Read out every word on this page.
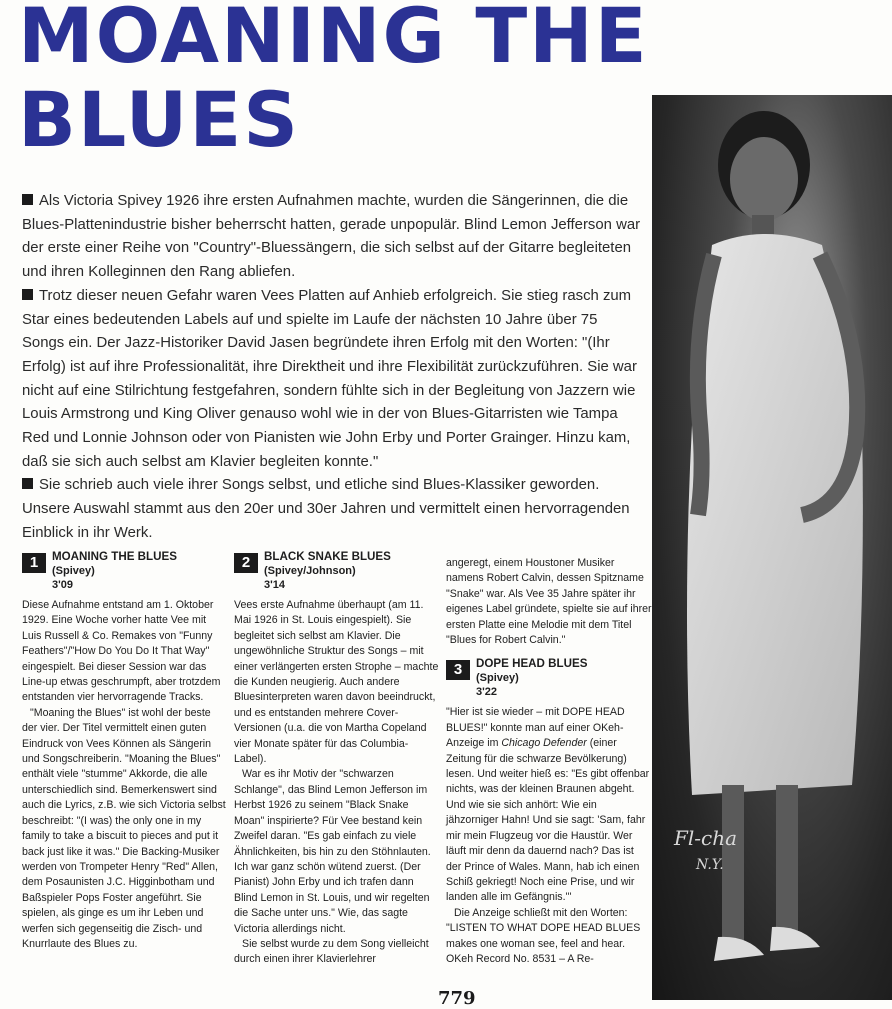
MOANING THE
BLUES
Fl-cha
N.Y.

Als Victoria Spivey 1926 ihre ersten Aufnahmen machte, wurden die Sängerinnen, die die Blues-Plattenindustrie bisher beherrscht hatten, gerade unpopulär. Blind Lemon Jefferson war der erste einer Reihe von "Country"-Bluessängern, die sich selbst auf der Gitarre begleiteten und ihren Kolleginnen den Rang abliefen.

Trotz dieser neuen Gefahr waren Vees Platten auf Anhieb erfolgreich. Sie stieg rasch zum Star eines bedeutenden Labels auf und spielte im Laufe der nächsten 10 Jahre über 75 Songs ein. Der Jazz-Historiker David Jasen begründete ihren Erfolg mit den Worten: "(Ihr Erfolg) ist auf ihre Professionalität, ihre Direktheit und ihre Flexibilität zurückzuführen. Sie war nicht auf eine Stilrichtung festgefahren, sondern fühlte sich in der Begleitung von Jazzern wie Louis Armstrong und King Oliver genauso wohl wie in der von Blues-Gitarristen wie Tampa Red und Lonnie Johnson oder von Pianisten wie John Erby und Porter Grainger. Hinzu kam, daß sie sich auch selbst am Klavier begleiten konnte."

Sie schrieb auch viele ihrer Songs selbst, und etliche sind Blues-Klassiker geworden. Unsere Auswahl stammt aus den 20er und 30er Jahren und vermittelt einen hervorragenden Einblick in ihr Werk.

1	MOANING THE BLUES
(Spivey)
3'09

Diese Aufnahme entstand am 1. Oktober 1929. Eine Woche vorher hatte Vee mit Luis Russell & Co. Remakes von "Funny Feathers"/"How Do You Do It That Way" eingespielt. Bei dieser Session war das Line-up etwas geschrumpft, aber trotzdem entstanden vier hervorragende Tracks.

"Moaning the Blues" ist wohl der beste der vier. Der Titel vermittelt einen guten Eindruck von Vees Können als Sängerin und Songschreiberin. "Moaning the Blues" enthält viele "stumme" Akkorde, die alle unterschiedlich sind. Bemerkenswert sind auch die Lyrics, z.B. wie sich Victoria selbst beschreibt: "(I was) the only one in my family to take a biscuit to pieces and put it back just like it was." Die Backing-Musiker werden von Trompeter Henry "Red" Allen, dem Posaunisten J.C. Higginbotham und Baßspieler Pops Foster angeführt. Sie spielen, als ginge es um ihr Leben und werfen sich gegenseitig die Zisch- und Knurrlaute des Blues zu.

2	BLACK SNAKE BLUES
(Spivey/Johnson)
3'14

Vees erste Aufnahme überhaupt (am 11. Mai 1926 in St. Louis eingespielt). Sie begleitet sich selbst am Klavier. Die ungewöhnliche Struktur des Songs – mit einer verlängerten ersten Strophe – machte die Kunden neugierig. Auch andere Bluesinterpreten waren davon beeindruckt, und es entstanden mehrere Cover-Versionen (u.a. die von Martha Copeland vier Monate später für das Columbia-Label).

War es ihr Motiv der "schwarzen Schlange", das Blind Lemon Jefferson im Herbst 1926 zu seinem "Black Snake Moan" inspirierte? Für Vee bestand kein Zweifel daran. "Es gab einfach zu viele Ähnlichkeiten, bis hin zu den Stöhnlauten. Ich war ganz schön wütend zuerst. (Der Pianist) John Erby und ich trafen dann Blind Lemon in St. Louis, und wir regelten die Sache unter uns." Wie, das sagte Victoria allerdings nicht.

Sie selbst wurde zu dem Song vielleicht durch einen ihrer Klavierlehrer

angeregt, einem Houstoner Musiker namens Robert Calvin, dessen Spitzname "Snake" war. Als Vee 35 Jahre später ihr eigenes Label gründete, spielte sie auf ihrer ersten Platte eine Melodie mit dem Titel "Blues for Robert Calvin."

3	DOPE HEAD BLUES
(Spivey)
3'22

"Hier ist sie wieder – mit DOPE HEAD BLUES!" konnte man auf einer OKeh-Anzeige im Chicago Defender (einer Zeitung für die schwarze Bevölkerung) lesen. Und weiter hieß es: "Es gibt offenbar nichts, was der kleinen Braunen abgeht. Und wie sie sich anhört: Wie ein jähzorniger Hahn! Und sie sagt: 'Sam, fahr mir mein Flugzeug vor die Haustür. Wer läuft mir denn da dauernd nach? Das ist der Prince of Wales. Mann, hab ich einen Schiß gekriegt! Noch eine Prise, und wir landen alle im Gefängnis.'"

Die Anzeige schließt mit den Worten: "LISTEN TO WHAT DOPE HEAD BLUES makes one woman see, feel and hear. OKeh Record No. 8531 – A Re-

779
